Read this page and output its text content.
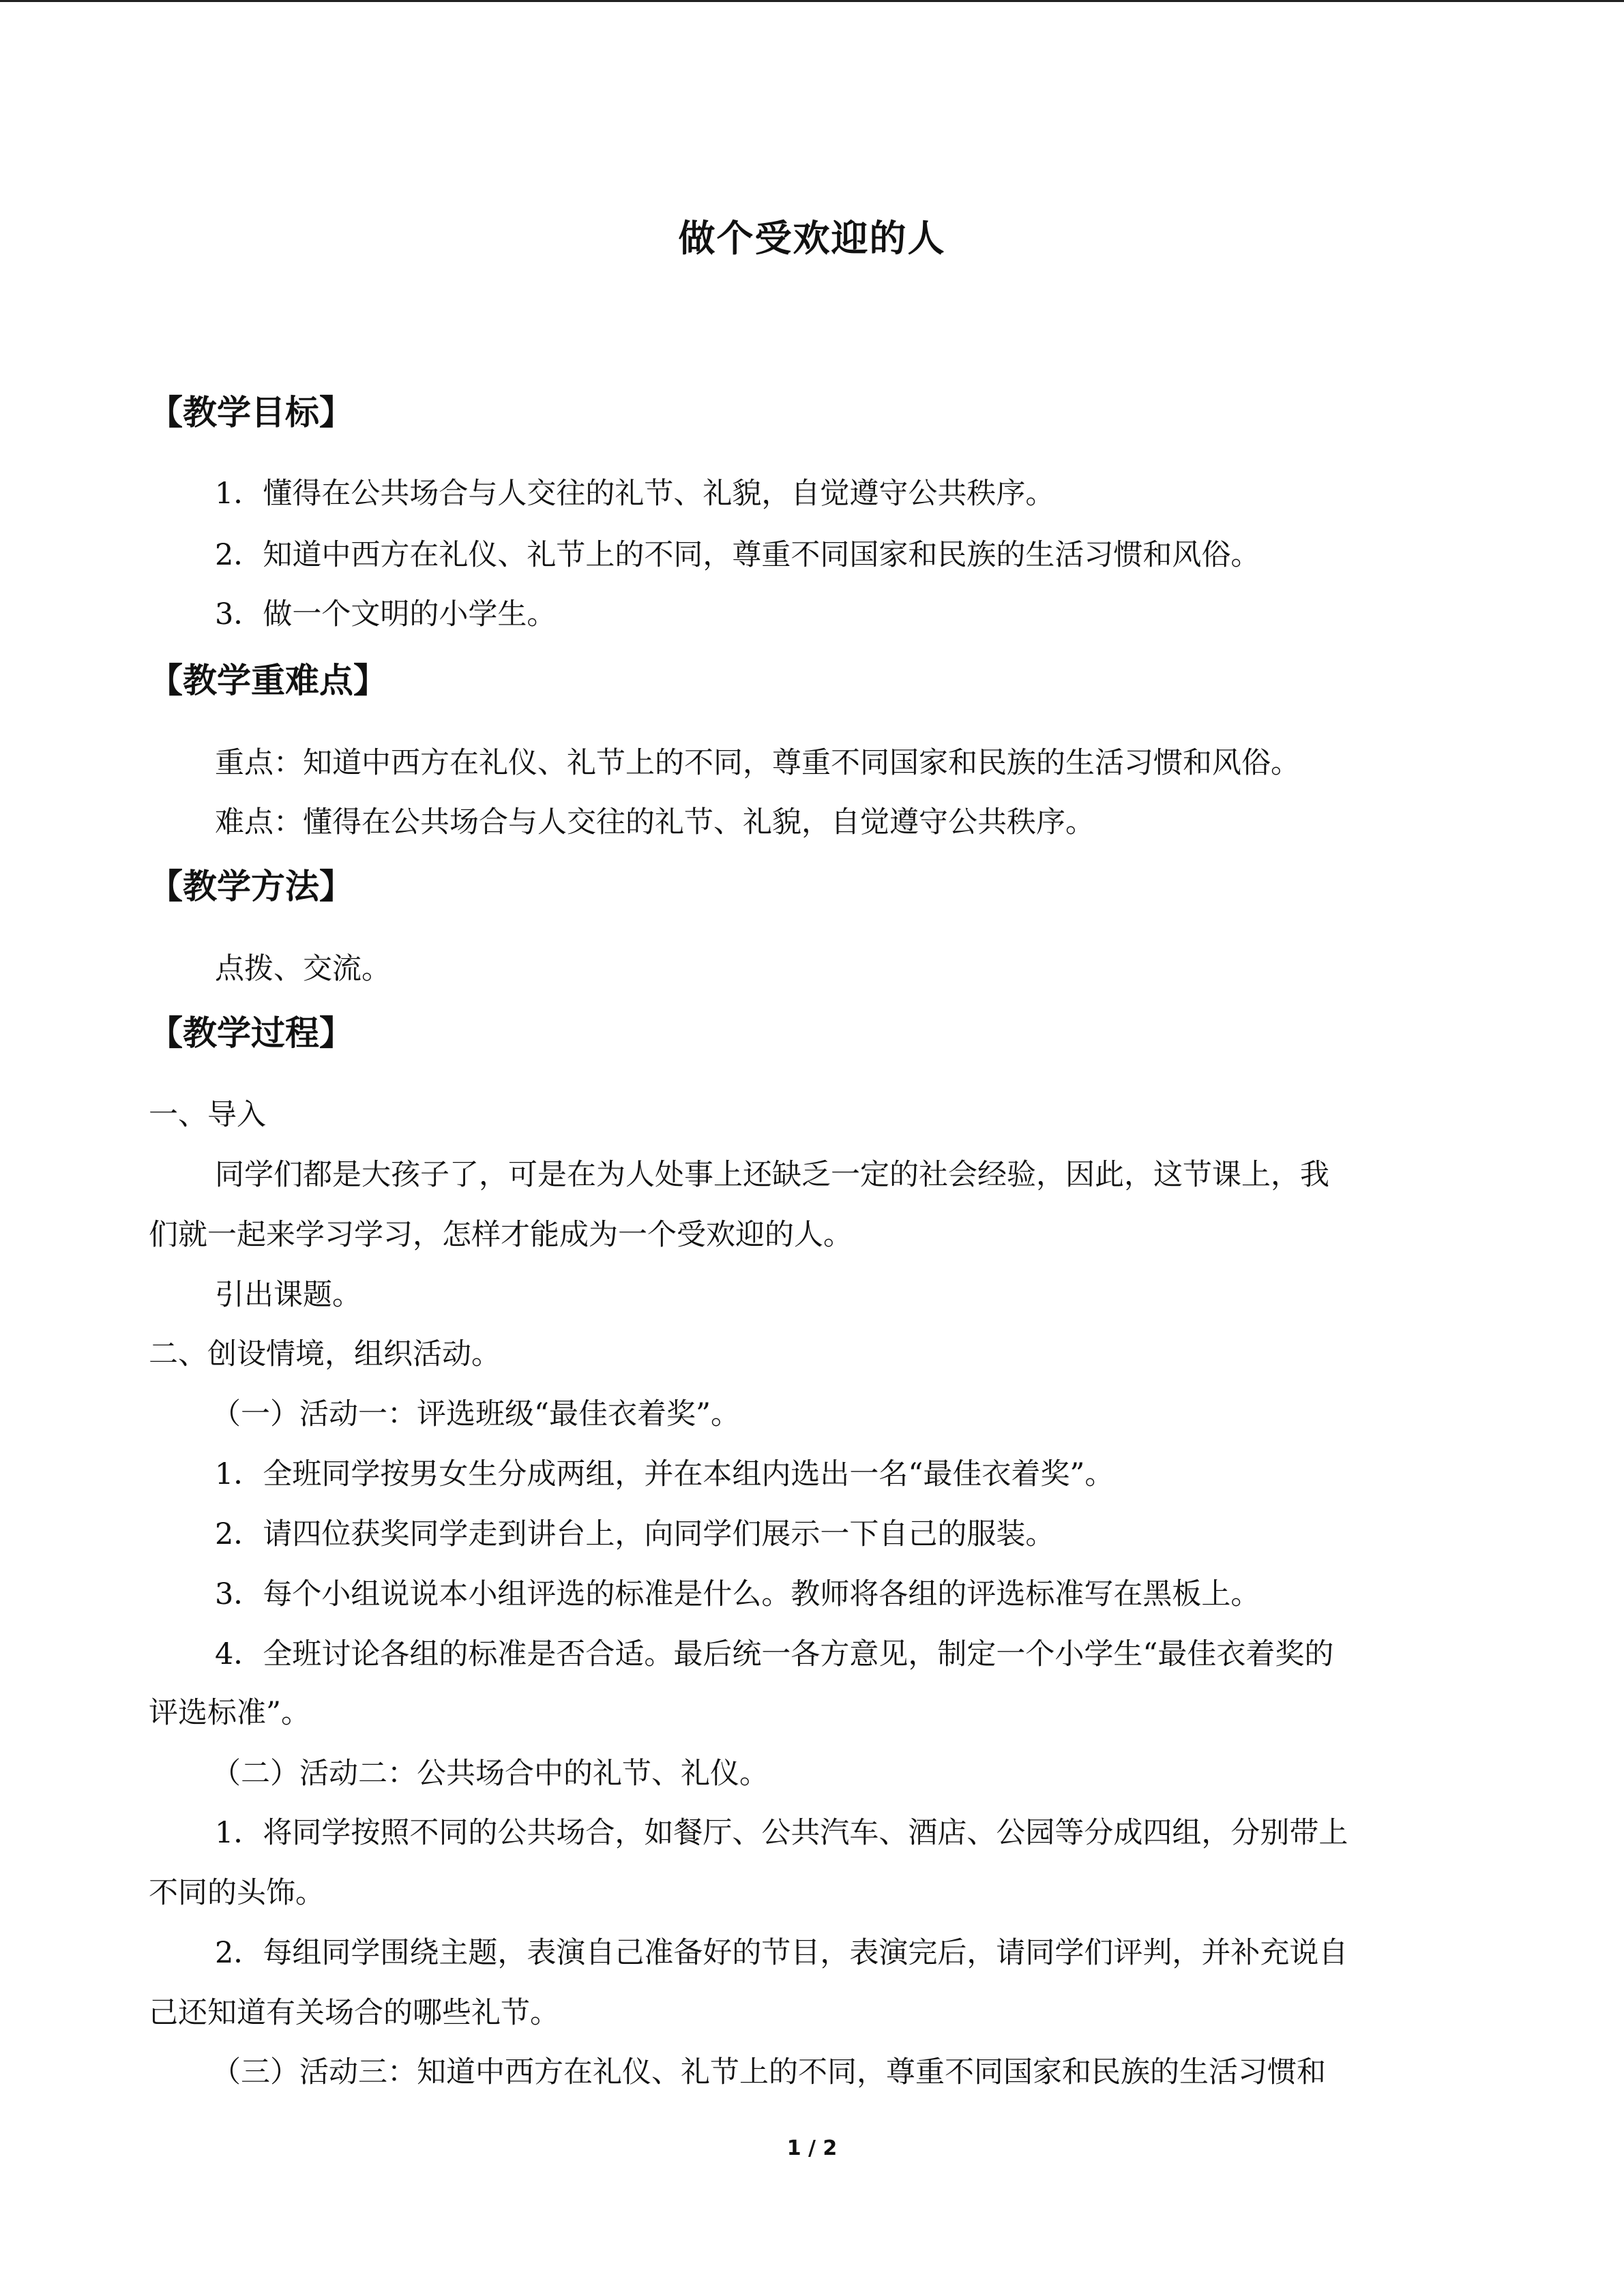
做个受欢迎的人
【教学目标】
1．懂得在公共场合与人交往的礼节、礼貌，自觉遵守公共秩序。
2．知道中西方在礼仪、礼节上的不同，尊重不同国家和民族的生活习惯和风俗。
3．做一个文明的小学生。
【教学重难点】
重点：知道中西方在礼仪、礼节上的不同，尊重不同国家和民族的生活习惯和风俗。
难点：懂得在公共场合与人交往的礼节、礼貌，自觉遵守公共秩序。
【教学方法】
点拨、交流。
【教学过程】
一、导入
同学们都是大孩子了，可是在为人处事上还缺乏一定的社会经验，因此，这节课上，我
们就一起来学习学习，怎样才能成为一个受欢迎的人。
引出课题。
二、创设情境，组织活动。
（一）活动一：评选班级“最佳衣着奖”。
1．全班同学按男女生分成两组，并在本组内选出一名“最佳衣着奖”。
2．请四位获奖同学走到讲台上，向同学们展示一下自己的服装。
3．每个小组说说本小组评选的标准是什么。教师将各组的评选标准写在黑板上。
4．全班讨论各组的标准是否合适。最后统一各方意见，制定一个小学生“最佳衣着奖的
评选标准”。
（二）活动二：公共场合中的礼节、礼仪。
1．将同学按照不同的公共场合，如餐厅、公共汽车、酒店、公园等分成四组，分别带上
不同的头饰。
2．每组同学围绕主题，表演自己准备好的节目，表演完后，请同学们评判，并补充说自
己还知道有关场合的哪些礼节。
（三）活动三：知道中西方在礼仪、礼节上的不同，尊重不同国家和民族的生活习惯和
1 / 2
